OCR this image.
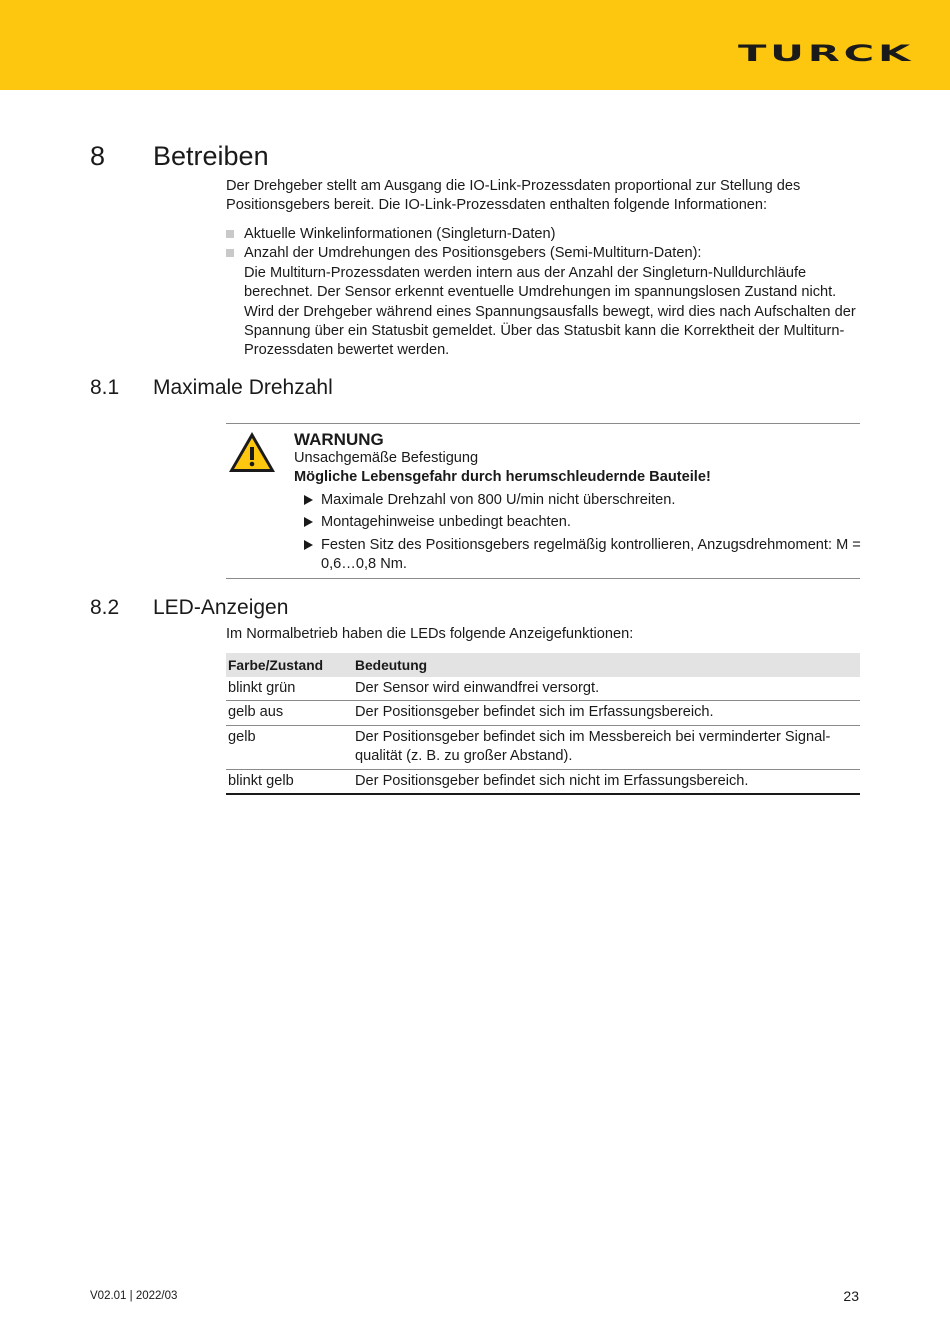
TURCK
8 Betreiben
Der Drehgeber stellt am Ausgang die IO-Link-Prozessdaten proportional zur Stellung des Positionsgebers bereit. Die IO-Link-Prozessdaten enthalten folgende Informationen:
Aktuelle Winkelinformationen (Singleturn-Daten)
Anzahl der Umdrehungen des Positionsgebers (Semi-Multiturn-Daten):
Die Multiturn-Prozessdaten werden intern aus der Anzahl der Singleturn-Nulldurchläufe berechnet. Der Sensor erkennt eventuelle Umdrehungen im spannungslosen Zustand nicht. Wird der Drehgeber während eines Spannungsausfalls bewegt, wird dies nach Aufschalten der Spannung über ein Statusbit gemeldet. Über das Statusbit kann die Korrektheit der Multiturn-Prozessdaten bewertet werden.
8.1 Maximale Drehzahl
WARNUNG
Unsachgemäße Befestigung
Mögliche Lebensgefahr durch herumschleudernde Bauteile!
Maximale Drehzahl von 800 U/min nicht überschreiten.
Montagehinweise unbedingt beachten.
Festen Sitz des Positionsgebers regelmäßig kontrollieren, Anzugsdrehmoment: M = 0,6…0,8 Nm.
8.2 LED-Anzeigen
Im Normalbetrieb haben die LEDs folgende Anzeigefunktionen:
Farbe/Zustand	Bedeutung
blinkt grün	Der Sensor wird einwandfrei versorgt.
gelb aus	Der Positionsgeber befindet sich im Erfassungsbereich.
gelb	Der Positionsgeber befindet sich im Messbereich bei verminderter Signal-qualität (z. B. zu großer Abstand).
blinkt gelb	Der Positionsgeber befindet sich nicht im Erfassungsbereich.
V02.01 | 2022/03	23
